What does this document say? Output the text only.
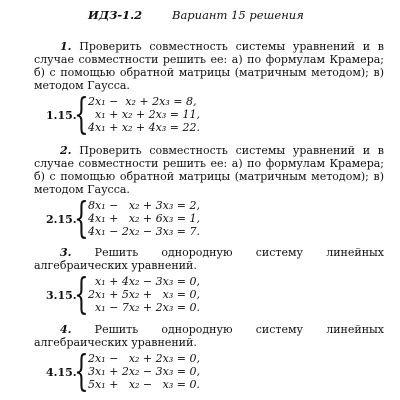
ИДЗ-1.2	Вариант 15 решения

1. Проверить совместность системы уравнений и в случае совместности решить ее: а) по формулам Крамера; б) с помощью обратной матрицы (матричным методом); в) методом Гаусса.

1.15.
{ 2x₁ −  x₂ + 2x₃ = 8,
x₁ + x₂ + 2x₃ = 11,
4x₁ + x₂ + 4x₃ = 22.

2. Проверить совместность системы уравнений и в случае совместности решить ее: а) по формулам Крамера; б) с помощью обратной матрицы (матричным методом); в) методом Гаусса.

2.15.
{ 8x₁ −   x₂ + 3x₃ = 2,
4x₁ +   x₂ + 6x₃ = 1,
4x₁ − 2x₂ − 3x₃ = 7.

3. Решить однородную систему линейных алгебраических уравнений.

3.15.
{ x₁ + 4x₂ − 3x₃ = 0,
2x₁ + 5x₂ +   x₃ = 0,
x₁ − 7x₂ + 2x₃ = 0.

4. Решить однородную систему линейных алгебраических уравнений.

4.15.
{ 2x₁ −   x₂ + 2x₃ = 0,
3x₁ + 2x₂ − 3x₃ = 0,
5x₁ +   x₂ −   x₃ = 0.
